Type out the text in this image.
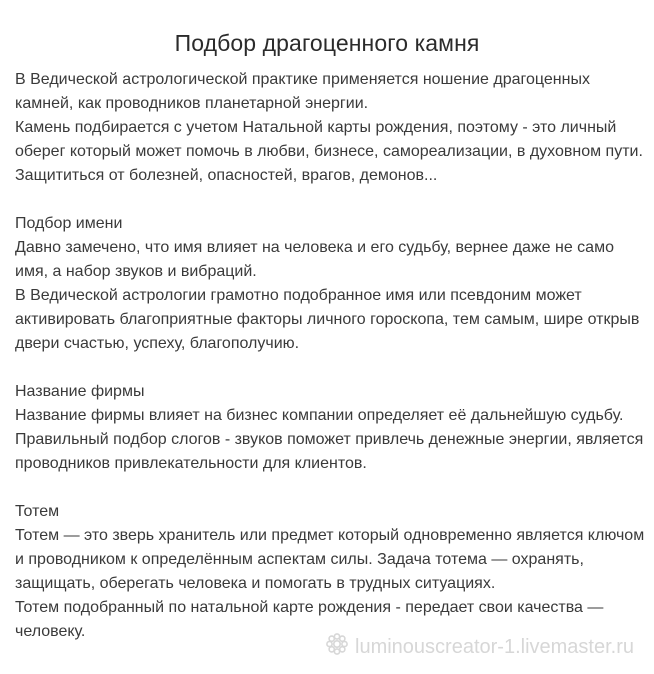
Подбор драгоценного камня

В Ведической астрологической практике применяется ношение драгоценных камней, как проводников планетарной энергии.

Камень подбирается с учетом Натальной карты рождения, поэтому - это личный оберег который может помочь в любви, бизнесе, самореализации, в духовном пути. Защититься от болезней, опасностей, врагов, демонов...

Подбор имени

Давно замечено, что имя влияет на человека и его судьбу, вернее даже не само имя, а набор звуков и вибраций.

В Ведической астрологии грамотно подобранное имя или псевдоним может активировать благоприятные факторы личного гороскопа, тем самым, шире открыв двери счастью, успеху, благополучию.

Название фирмы

Название фирмы влияет на бизнес компании определяет её дальнейшую судьбу. Правильный подбор слогов - звуков поможет привлечь денежные энергии, является проводников привлекательности для клиентов.

Тотем

Тотем — это зверь хранитель или предмет который одновременно является ключом и проводником к определённым аспектам силы. Задача тотема — охранять, защищать, оберегать человека и помогать в трудных ситуациях.

Тотем подобранный по натальной карте рождения - передает свои качества — человеку.

luminouscreator-1.livemaster.ru
